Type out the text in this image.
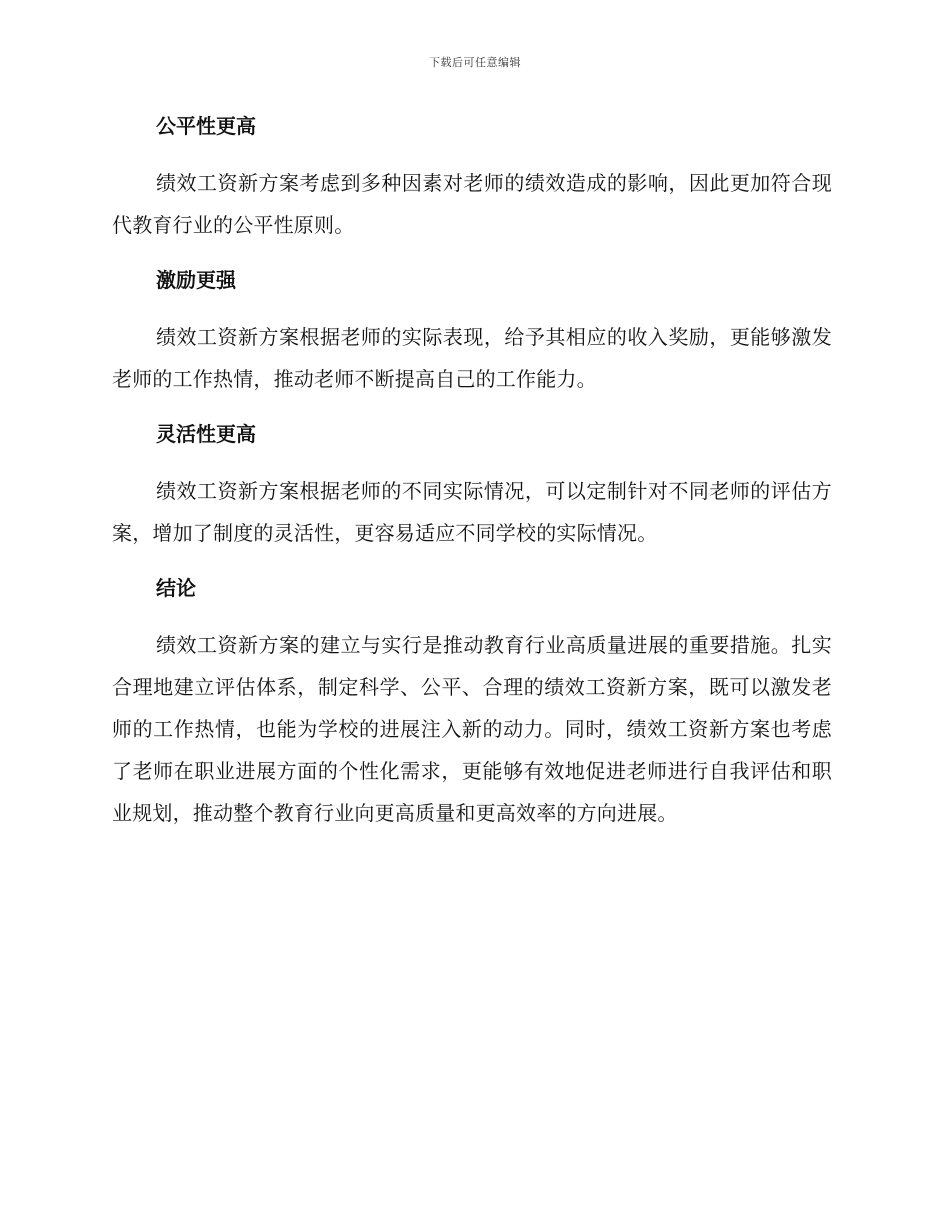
下载后可任意编辑
公平性更高

绩效工资新方案考虑到多种因素对老师的绩效造成的影响，因此更加符合现代教育行业的公平性原则。

激励更强

绩效工资新方案根据老师的实际表现，给予其相应的收入奖励，更能够激发老师的工作热情，推动老师不断提高自己的工作能力。

灵活性更高

绩效工资新方案根据老师的不同实际情况，可以定制针对不同老师的评估方案，增加了制度的灵活性，更容易适应不同学校的实际情况。

结论

绩效工资新方案的建立与实行是推动教育行业高质量进展的重要措施。扎实合理地建立评估体系，制定科学、公平、合理的绩效工资新方案，既可以激发老师的工作热情，也能为学校的进展注入新的动力。同时，绩效工资新方案也考虑了老师在职业进展方面的个性化需求，更能够有效地促进老师进行自我评估和职业规划，推动整个教育行业向更高质量和更高效率的方向进展。
